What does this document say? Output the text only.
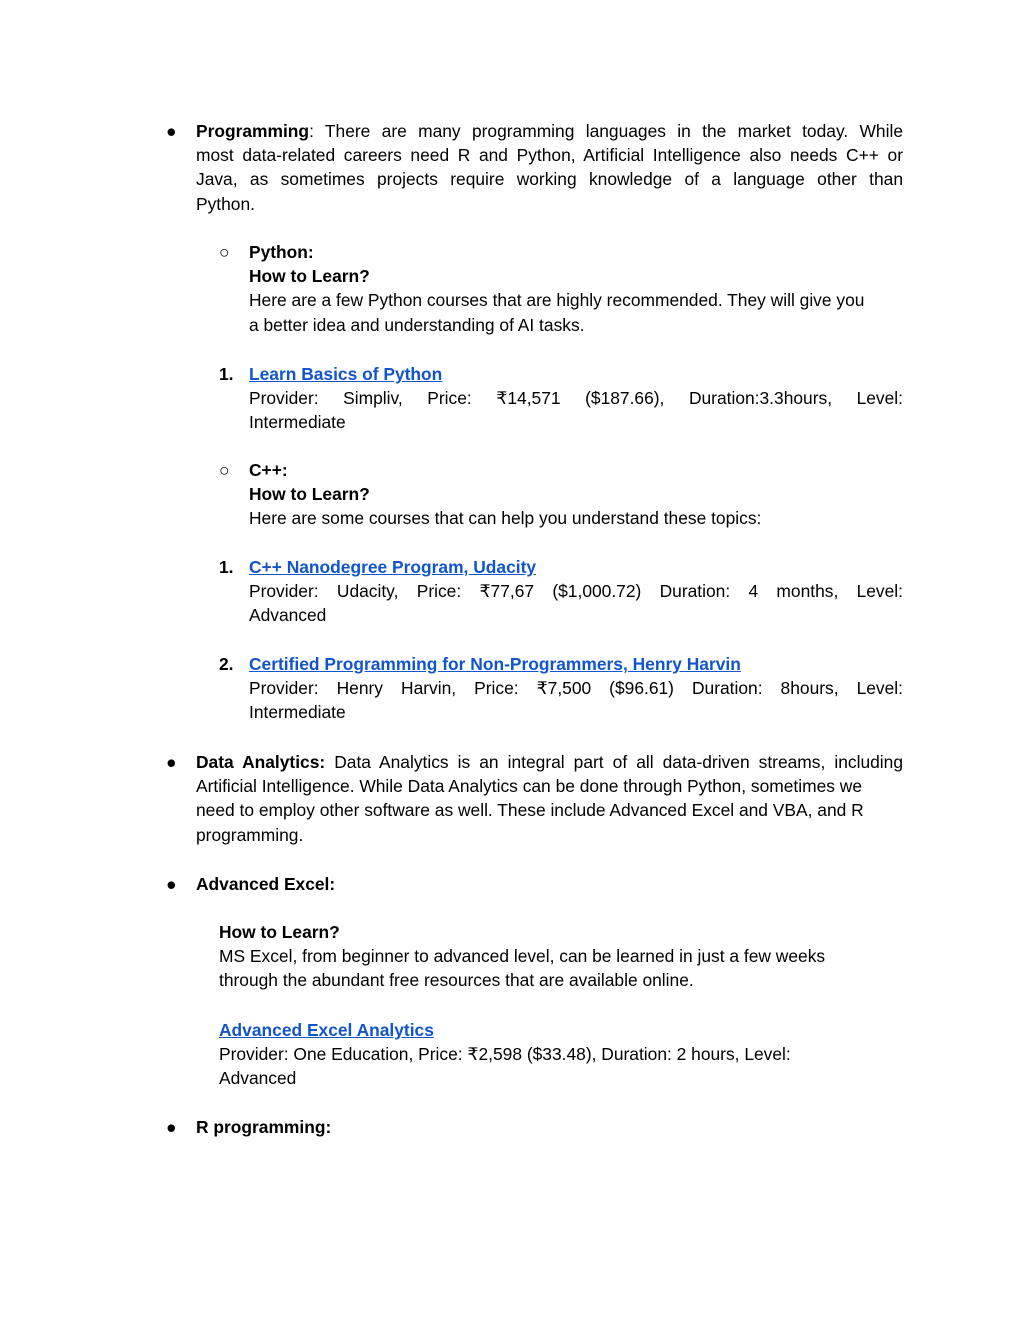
● Programming: There are many programming languages in the market today. While
most data-related careers need R and Python, Artificial Intelligence also needs C++ or
Java, as sometimes projects require working knowledge of a language other than
Python.
○ Python:
How to Learn?
Here are a few Python courses that are highly recommended. They will give you
a better idea and understanding of AI tasks.
1. Learn Basics of Python
Provider: Simpliv, Price: ₹14,571 ($187.66), Duration:3.3hours, Level:
Intermediate
○ C++:
How to Learn?
Here are some courses that can help you understand these topics:
1. C++ Nanodegree Program, Udacity
Provider: Udacity, Price: ₹77,67 ($1,000.72) Duration: 4 months, Level:
Advanced
2. Certified Programming for Non-Programmers, Henry Harvin
Provider: Henry Harvin, Price: ₹7,500 ($96.61) Duration: 8hours, Level:
Intermediate
● Data Analytics: Data Analytics is an integral part of all data-driven streams, including
Artificial Intelligence. While Data Analytics can be done through Python, sometimes we
need to employ other software as well. These include Advanced Excel and VBA, and R
programming.
● Advanced Excel:
How to Learn?
MS Excel, from beginner to advanced level, can be learned in just a few weeks
through the abundant free resources that are available online.
Advanced Excel Analytics
Provider: One Education, Price: ₹2,598 ($33.48), Duration: 2 hours, Level:
Advanced
● R programming:
